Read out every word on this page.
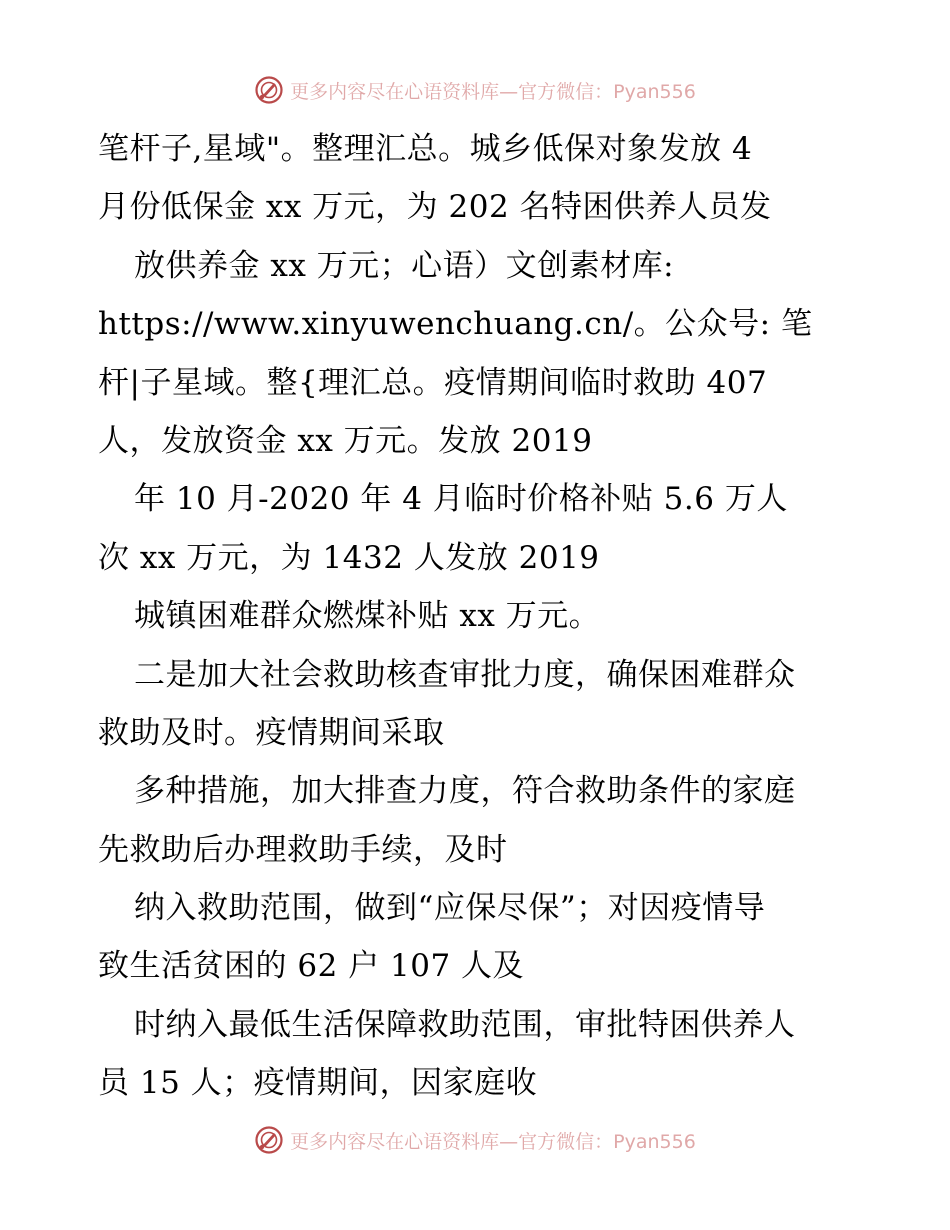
更多内容尽在心语资料库—官方微信：Pyan556
笔杆子,星域"。整理汇总。城乡低保对象发放 4
月份低保金 xx 万元，为 202 名特困供养人员发
放供养金 xx 万元；心语）文创素材库:
https://www.xinyuwenchuang.cn/。公众号: 笔
杆|子星域。整{理汇总。疫情期间临时救助 407
人，发放资金 xx 万元。发放 2019
年 10 月-2020 年 4 月临时价格补贴 5.6 万人
次 xx 万元，为 1432 人发放 2019
城镇困难群众燃煤补贴 xx 万元。
二是加大社会救助核查审批力度，确保困难群众
救助及时。疫情期间采取
多种措施，加大排查力度，符合救助条件的家庭
先救助后办理救助手续，及时
纳入救助范围，做到“应保尽保”；对因疫情导
致生活贫困的 62 户 107 人及
时纳入最低生活保障救助范围，审批特困供养人
员 15 人；疫情期间，因家庭收
更多内容尽在心语资料库—官方微信：Pyan556
